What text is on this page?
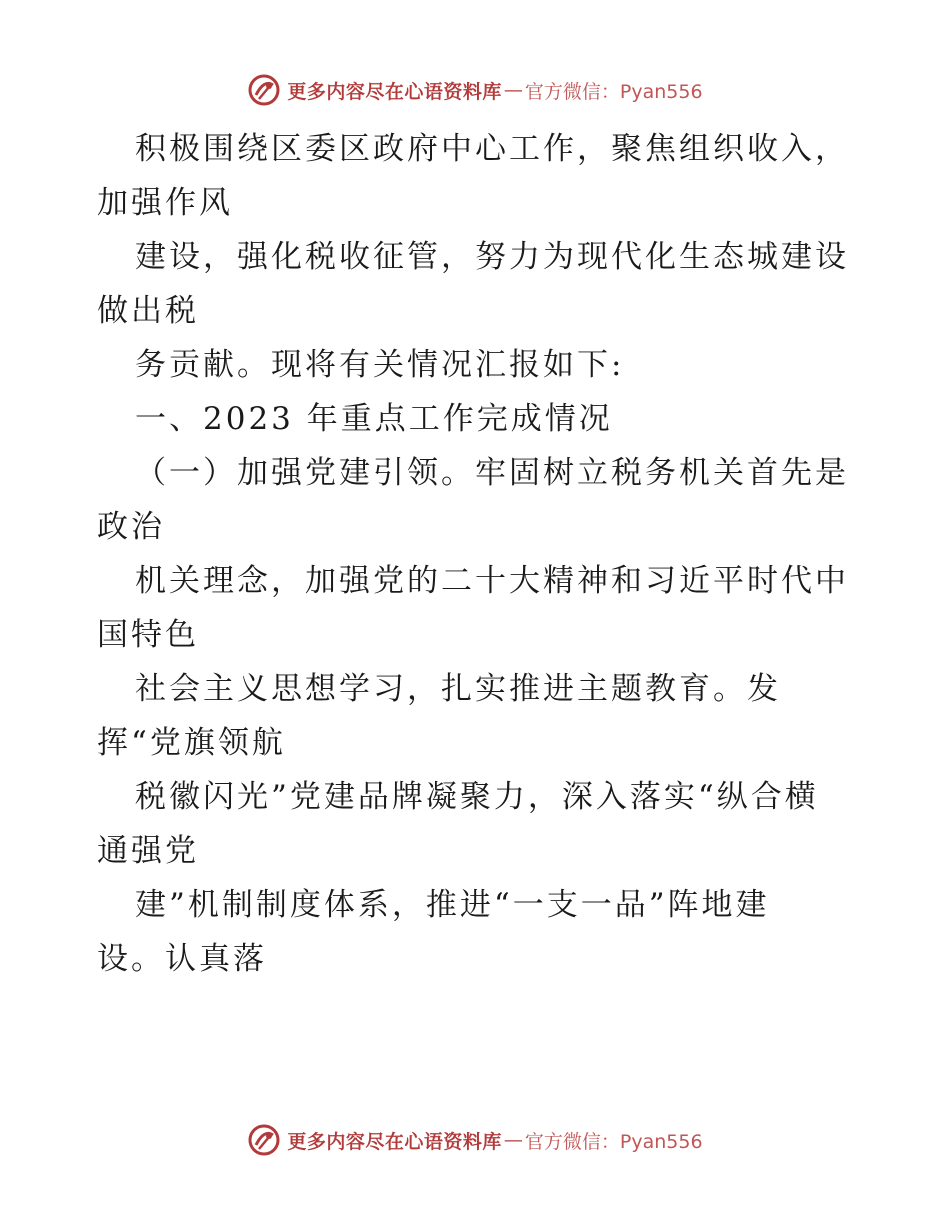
更多内容尽在心语资料库 — 官方微信：Pyan556
积极围绕区委区政府中心工作，聚焦组织收入，
加强作风
建设，强化税收征管，努力为现代化生态城建设
做出税
务贡献。现将有关情况汇报如下:
一、2023 年重点工作完成情况
（一）加强党建引领。牢固树立税务机关首先是
政治
机关理念，加强党的二十大精神和习近平时代中
国特色
社会主义思想学习，扎实推进主题教育。发
挥“党旗领航
税徽闪光”党建品牌凝聚力，深入落实“纵合横
通强党
建”机制制度体系，推进“一支一品”阵地建
设。认真落
更多内容尽在心语资料库 — 官方微信：Pyan556
